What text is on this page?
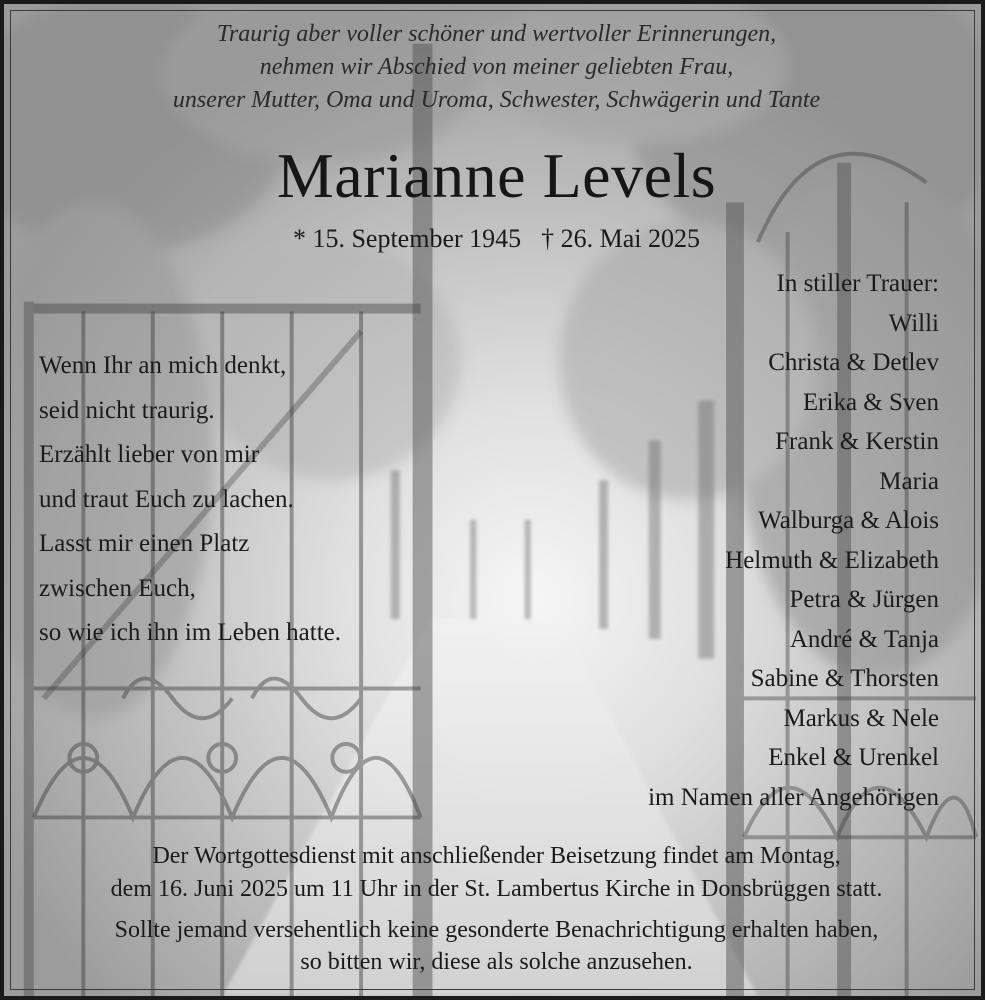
Traurig aber voller schöner und wertvoller Erinnerungen,
nehmen wir Abschied von meiner geliebten Frau,
unserer Mutter, Oma und Uroma, Schwester, Schwägerin und Tante
Marianne Levels
* 15. September 1945 † 26. Mai 2025
Wenn Ihr an mich denkt,
seid nicht traurig.
Erzählt lieber von mir
und traut Euch zu lachen.
Lasst mir einen Platz
zwischen Euch,
so wie ich ihn im Leben hatte.
In stiller Trauer:
Willi
Christa & Detlev
Erika & Sven
Frank & Kerstin
Maria
Walburga & Alois
Helmuth & Elizabeth
Petra & Jürgen
André & Tanja
Sabine & Thorsten
Markus & Nele
Enkel & Urenkel
im Namen aller Angehörigen
Der Wortgottesdienst mit anschließender Beisetzung findet am Montag,
dem 16. Juni 2025 um 11 Uhr in der St. Lambertus Kirche in Donsbrüggen statt.
Sollte jemand versehentlich keine gesonderte Benachrichtigung erhalten haben,
so bitten wir, diese als solche anzusehen.
